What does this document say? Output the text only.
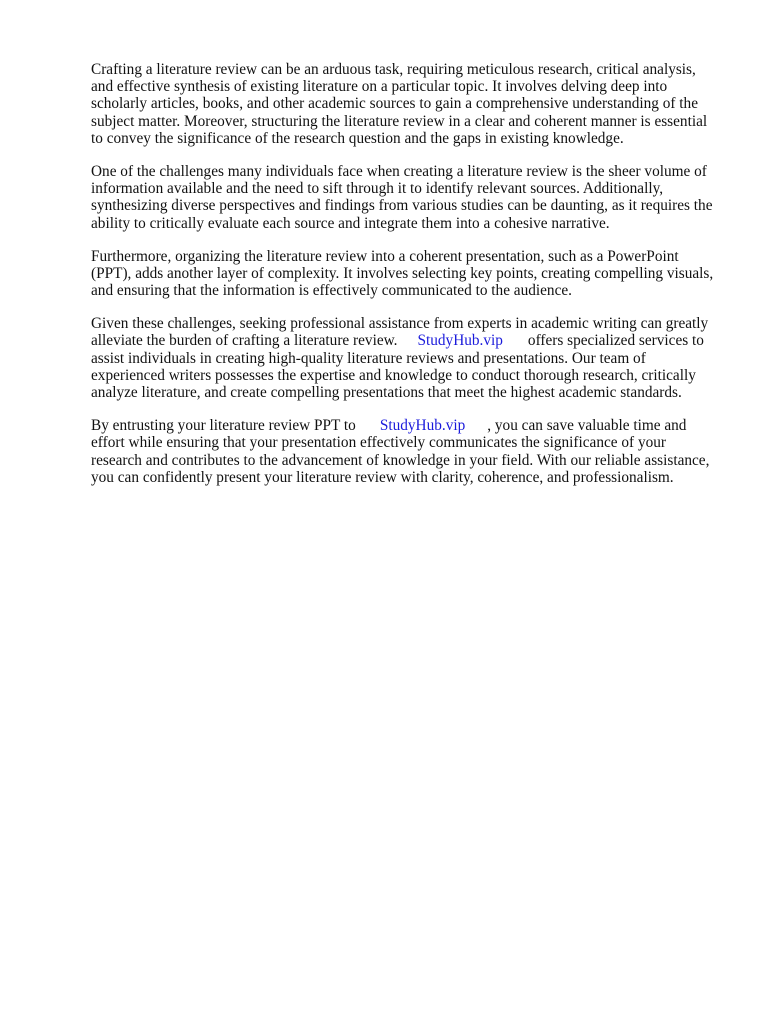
Crafting a literature review can be an arduous task, requiring meticulous research, critical analysis,
and effective synthesis of existing literature on a particular topic. It involves delving deep into
scholarly articles, books, and other academic sources to gain a comprehensive understanding of the
subject matter. Moreover, structuring the literature review in a clear and coherent manner is essential
to convey the significance of the research question and the gaps in existing knowledge.

One of the challenges many individuals face when creating a literature review is the sheer volume of
information available and the need to sift through it to identify relevant sources. Additionally,
synthesizing diverse perspectives and findings from various studies can be daunting, as it requires the
ability to critically evaluate each source and integrate them into a cohesive narrative.

Furthermore, organizing the literature review into a coherent presentation, such as a PowerPoint
(PPT), adds another layer of complexity. It involves selecting key points, creating compelling visuals,
and ensuring that the information is effectively communicated to the audience.

Given these challenges, seeking professional assistance from experts in academic writing can greatly
alleviate the burden of crafting a literature review. StudyHub.vip offers specialized services to
assist individuals in creating high-quality literature reviews and presentations. Our team of
experienced writers possesses the expertise and knowledge to conduct thorough research, critically
analyze literature, and create compelling presentations that meet the highest academic standards.

By entrusting your literature review PPT to StudyHub.vip , you can save valuable time and
effort while ensuring that your presentation effectively communicates the significance of your
research and contributes to the advancement of knowledge in your field. With our reliable assistance,
you can confidently present your literature review with clarity, coherence, and professionalism.
